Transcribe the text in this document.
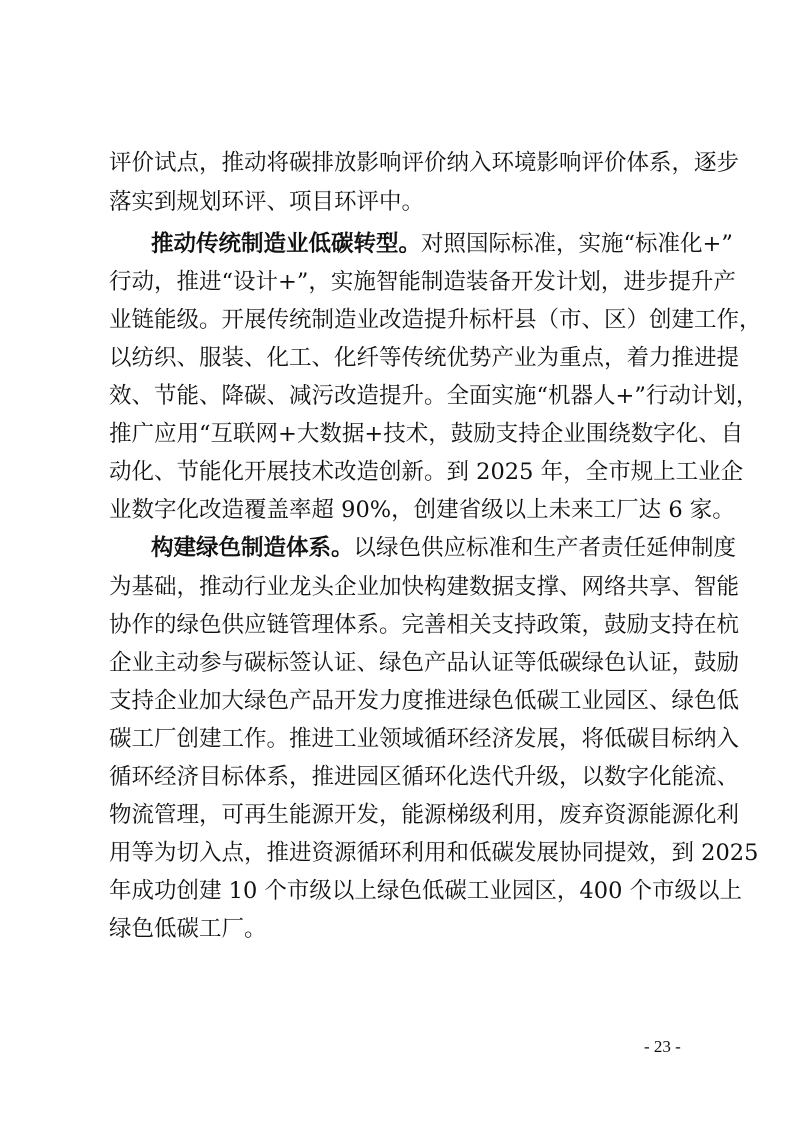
评价试点，推动将碳排放影响评价纳入环境影响评价体系，逐步
落实到规划环评、项目环评中。
推动传统制造业低碳转型。对照国际标准，实施“标准化+”
行动，推进“设计+”，实施智能制造装备开发计划，进步提升产
业链能级。开展传统制造业改造提升标杆县（市、区）创建工作，
以纺织、服装、化工、化纤等传统优势产业为重点，着力推进提
效、节能、降碳、减污改造提升。全面实施“机器人+”行动计划，
推广应用“互联网+大数据+技术，鼓励支持企业围绕数字化、自
动化、节能化开展技术改造创新。到 2025 年，全市规上工业企
业数字化改造覆盖率超 90%，创建省级以上未来工厂达 6 家。
构建绿色制造体系。以绿色供应标准和生产者责任延伸制度
为基础，推动行业龙头企业加快构建数据支撑、网络共享、智能
协作的绿色供应链管理体系。完善相关支持政策，鼓励支持在杭
企业主动参与碳标签认证、绿色产品认证等低碳绿色认证，鼓励
支持企业加大绿色产品开发力度推进绿色低碳工业园区、绿色低
碳工厂创建工作。推进工业领域循环经济发展，将低碳目标纳入
循环经济目标体系，推进园区循环化迭代升级，以数字化能流、
物流管理，可再生能源开发，能源梯级利用，废弃资源能源化利
用等为切入点，推进资源循环利用和低碳发展协同提效，到 2025
年成功创建 10 个市级以上绿色低碳工业园区，400 个市级以上
绿色低碳工厂。
- 23 -
